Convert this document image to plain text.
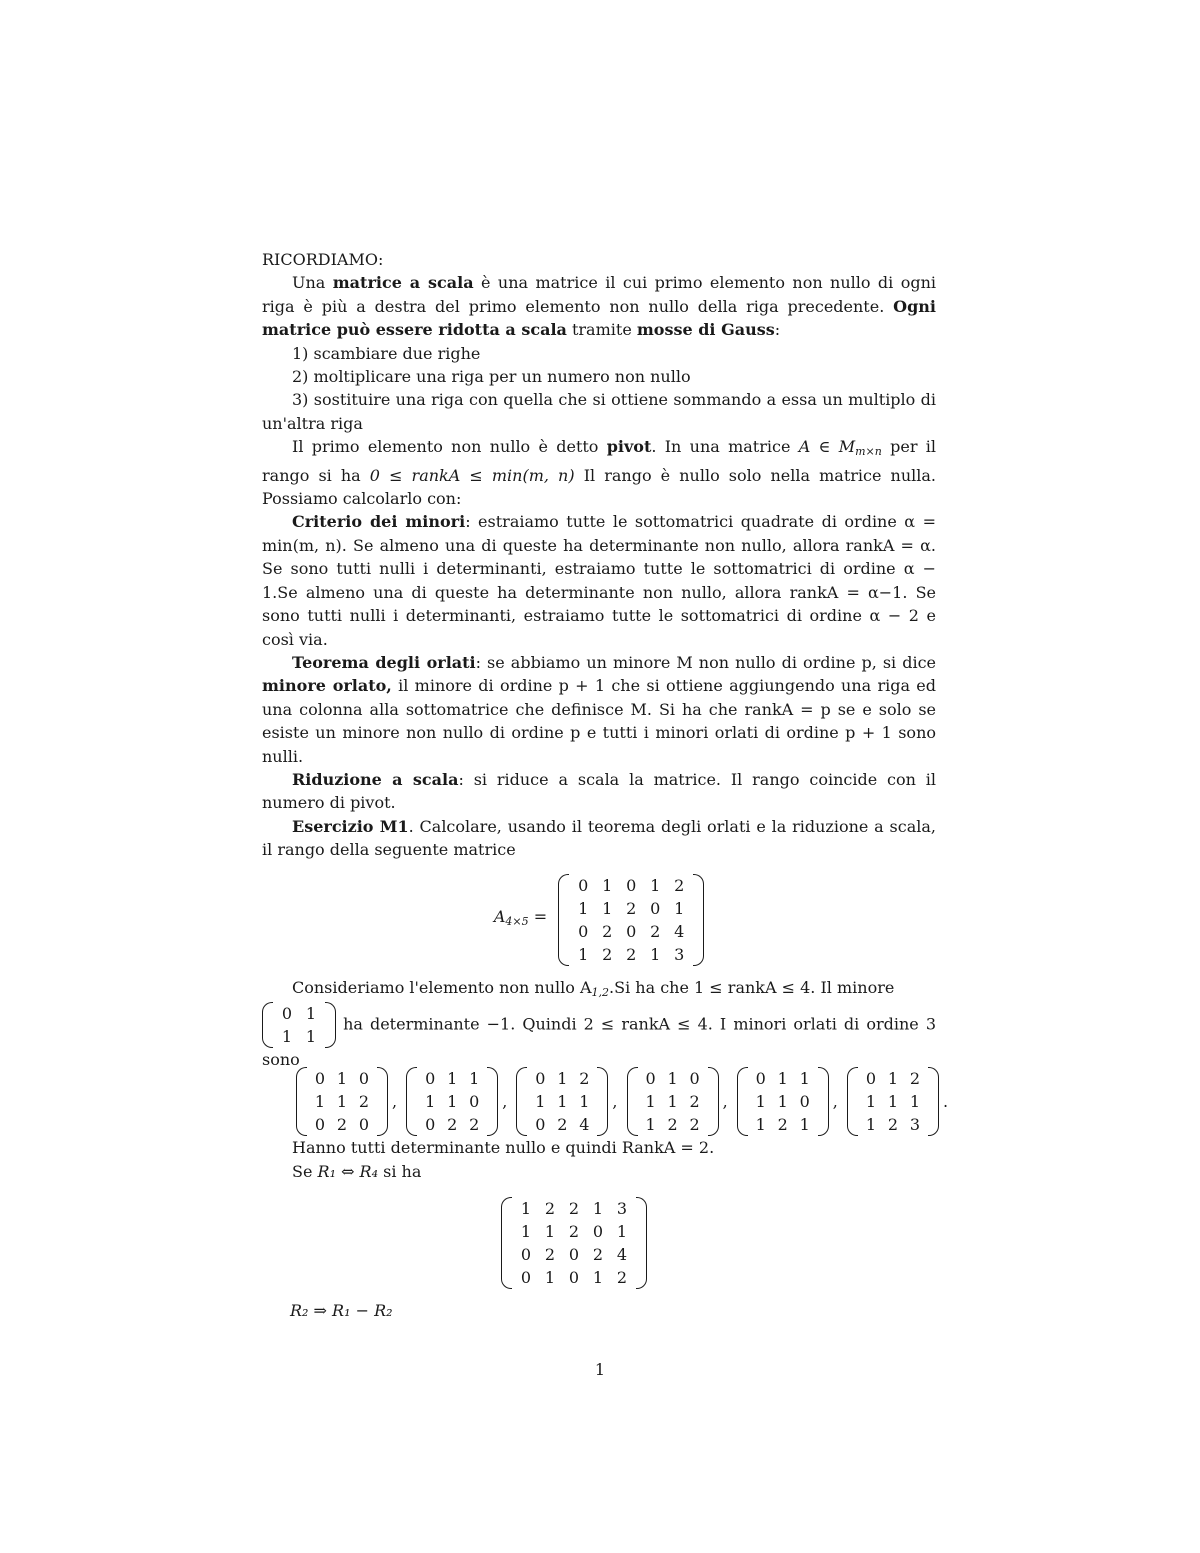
RICORDIAMO:

Una matrice a scala è una matrice il cui primo elemento non nullo di ogni riga è più a destra del primo elemento non nullo della riga precedente. Ogni matrice può essere ridotta a scala tramite mosse di Gauss:

1) scambiare due righe

2) moltiplicare una riga per un numero non nullo

3) sostituire una riga con quella che si ottiene sommando a essa un multiplo di un'altra riga

Il primo elemento non nullo è detto pivot. In una matrice A ∈ $M_{m\times n}$ per il rango si ha 0 ≤ rankA ≤ min(m, n) Il rango è nullo solo nella matrice nulla. Possiamo calcolarlo con:

Criterio dei minori: estraiamo tutte le sottomatrici quadrate di ordine α = min(m, n). Se almeno una di queste ha determinante non nullo, allora rankA = α. Se sono tutti nulli i determinanti, estraiamo tutte le sottomatrici di ordine α − 1.Se almeno una di queste ha determinante non nullo, allora rankA = α−1. Se sono tutti nulli i determinanti, estraiamo tutte le sottomatrici di ordine α − 2 e così via.

Teorema degli orlati: se abbiamo un minore M non nullo di ordine p, si dice minore orlato, il minore di ordine p + 1 che si ottiene aggiungendo una riga ed una colonna alla sottomatrice che definisce M. Si ha che rankA = p se e solo se esiste un minore non nullo di ordine p e tutti i minori orlati di ordine p + 1 sono nulli.

Riduzione a scala: si riduce a scala la matrice. Il rango coincide con il numero di pivot.

Esercizio M1. Calcolare, usando il teorema degli orlati e la riduzione a scala, il rango della seguente matrice

A4×5 =
0	1	0	1	2
1	1	2	0	1
0	2	0	2	4
1	2	2	1	3

Consideriamo l'elemento non nullo $A_{1,2}.Si$ ha che 1 ≤ rankA ≤ 4. Il minore

0	1
1	1
ha determinante −1. Quindi 2 ≤ rankA ≤ 4. I minori orlati di ordine 3 sono

0	1	0
1	1	2
0	2	0
,
0	1	1
1	1	0
0	2	2
,
0	1	2
1	1	1
0	2	4
,
0	1	0
1	1	2
1	2	2
,
0	1	1
1	1	0
1	2	1
,
0	1	2
1	1	1
1	2	3
.

Hanno tutti determinante nullo e quindi RankA = 2.

Se R₁ ⇔ R₄ si ha

1	2	2	1	3
1	1	2	0	1
0	2	0	2	4
0	1	0	1	2

R₂ ⇒ R₁ − R₂

1
